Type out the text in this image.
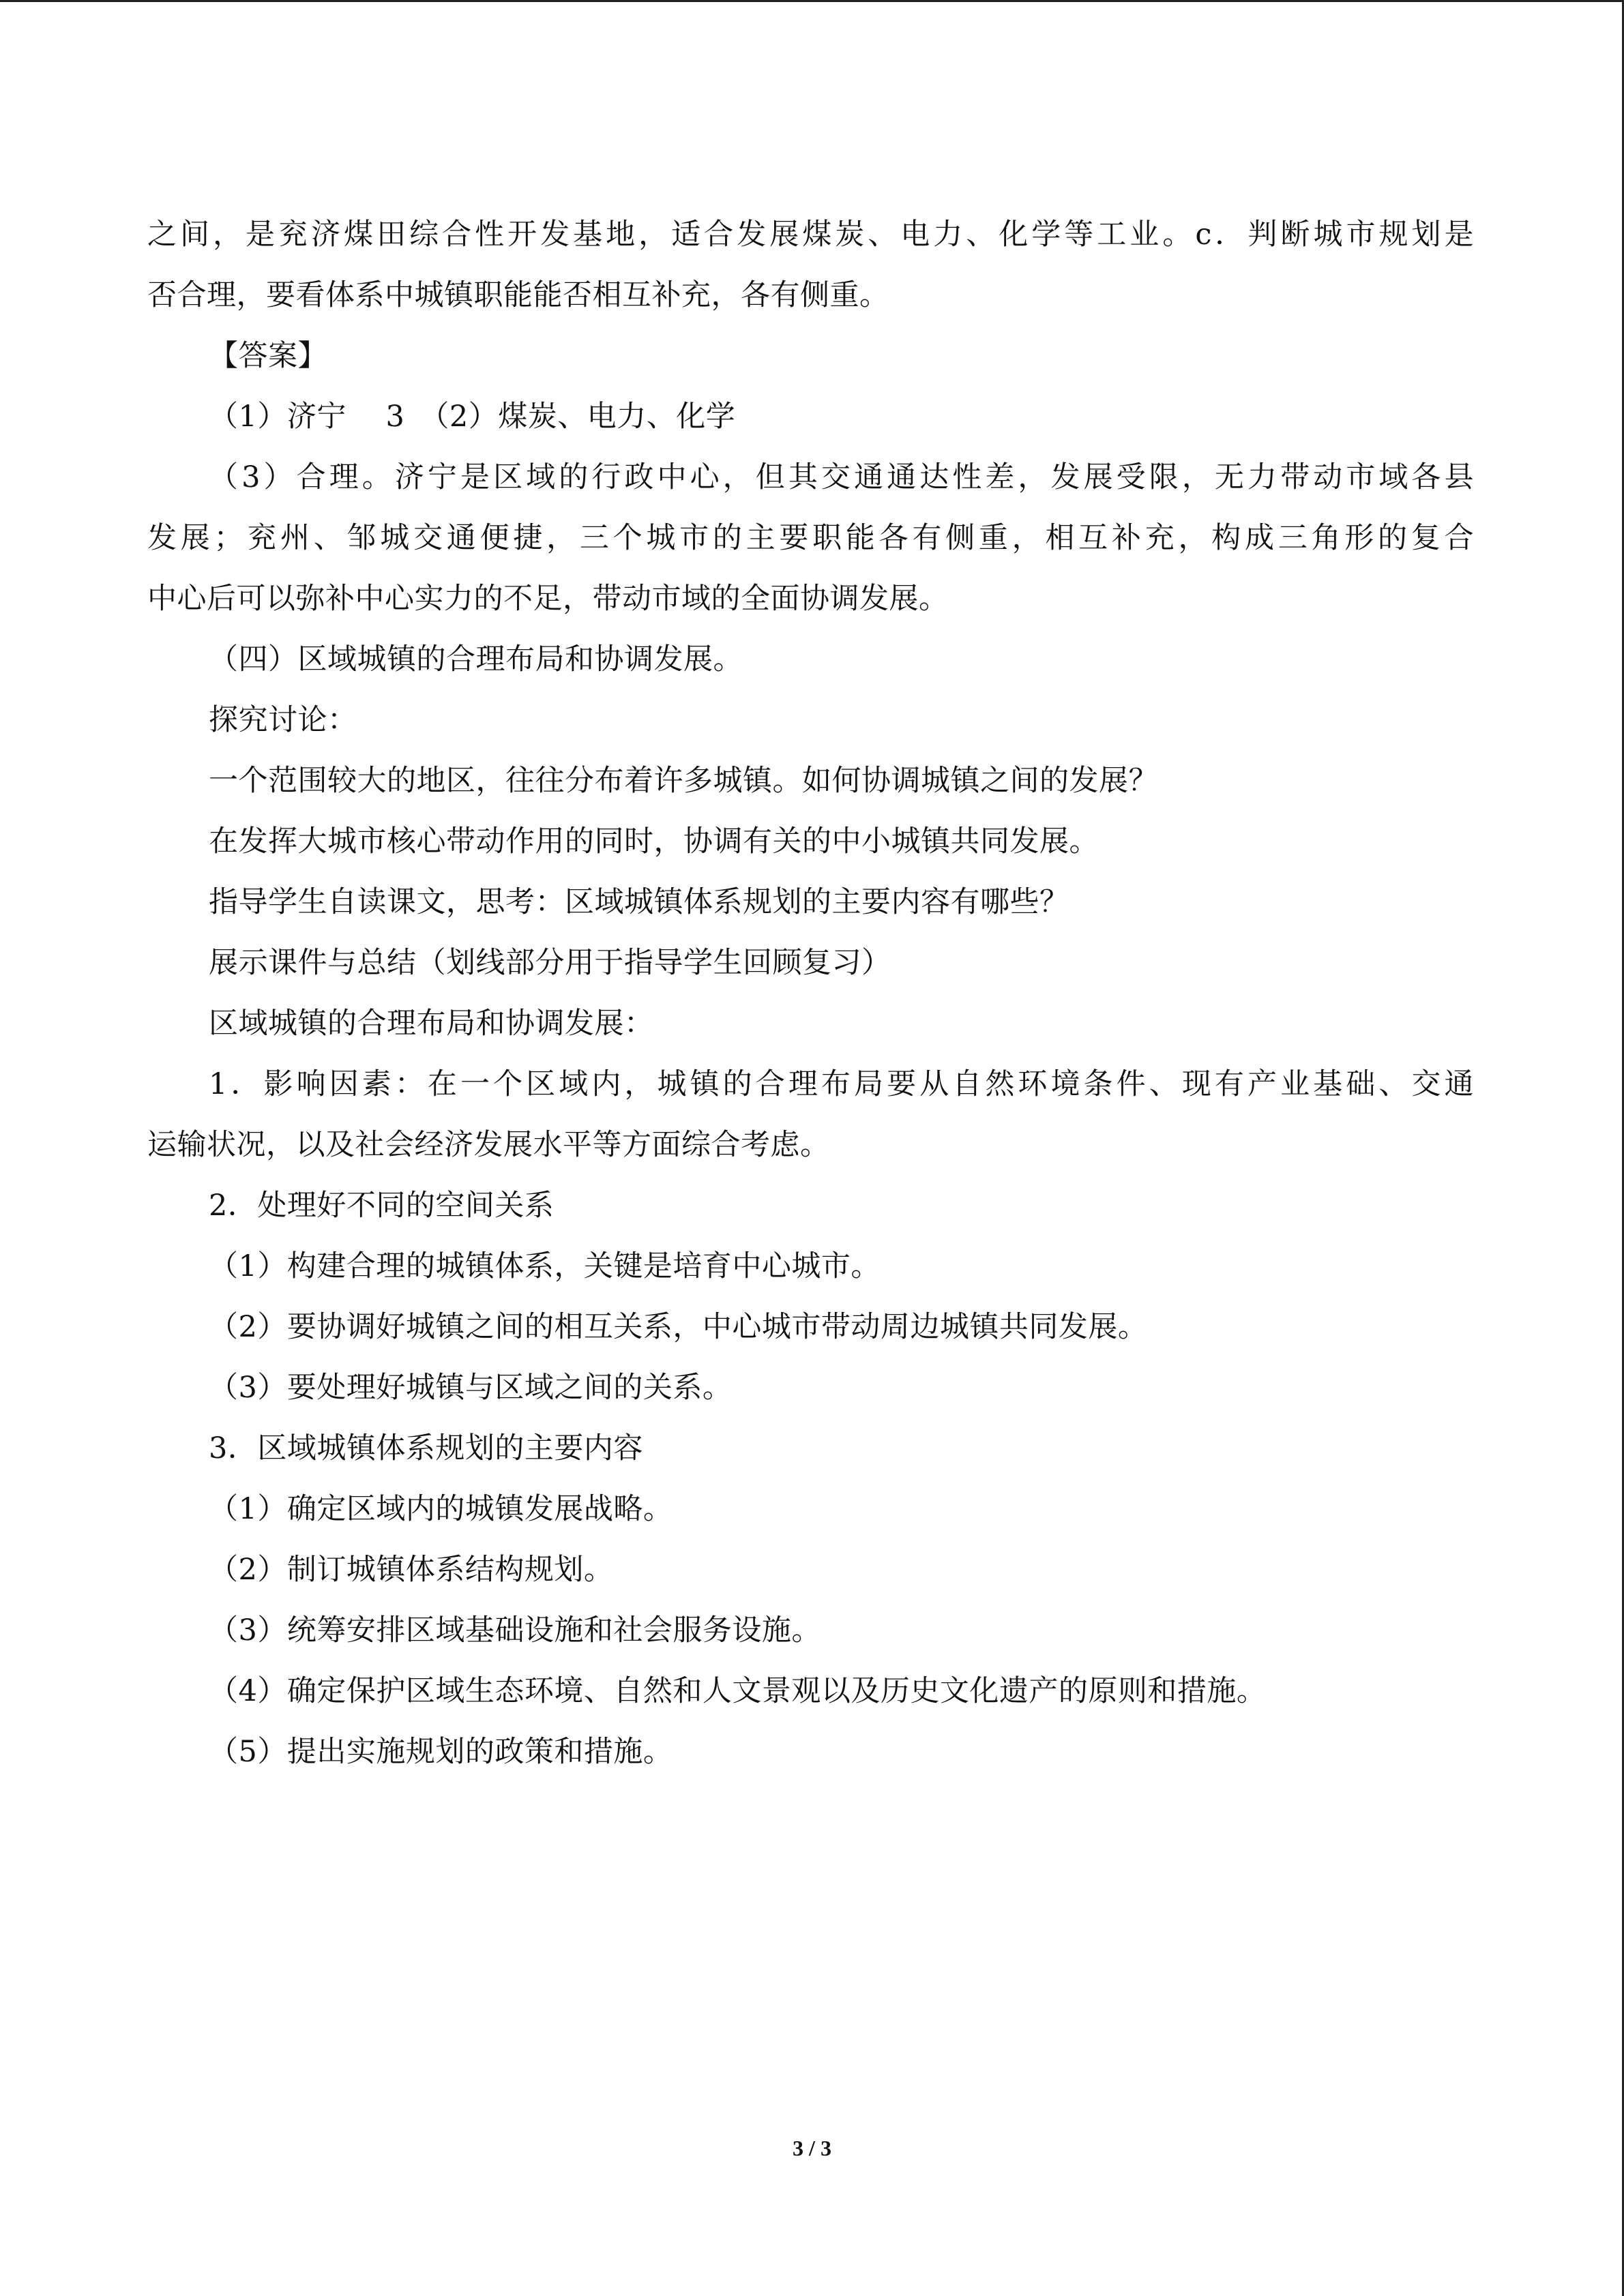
之间，是兖济煤田综合性开发基地，适合发展煤炭、电力、化学等工业。c．判断城市规划是
否合理，要看体系中城镇职能能否相互补充，各有侧重。
【答案】
（1）济宁　 3　（2）煤炭、电力、化学
（3）合理。济宁是区域的行政中心，但其交通通达性差，发展受限，无力带动市域各县
发展；兖州、邹城交通便捷，三个城市的主要职能各有侧重，相互补充，构成三角形的复合
中心后可以弥补中心实力的不足，带动市域的全面协调发展。
（四）区域城镇的合理布局和协调发展。
探究讨论：
一个范围较大的地区，往往分布着许多城镇。如何协调城镇之间的发展？
在发挥大城市核心带动作用的同时，协调有关的中小城镇共同发展。
指导学生自读课文，思考：区域城镇体系规划的主要内容有哪些？
展示课件与总结（划线部分用于指导学生回顾复习）
区域城镇的合理布局和协调发展：
1．影响因素：在一个区域内，城镇的合理布局要从自然环境条件、现有产业基础、交通
运输状况，以及社会经济发展水平等方面综合考虑。
2．处理好不同的空间关系
（1）构建合理的城镇体系，关键是培育中心城市。
（2）要协调好城镇之间的相互关系，中心城市带动周边城镇共同发展。
（3）要处理好城镇与区域之间的关系。
3．区域城镇体系规划的主要内容
（1）确定区域内的城镇发展战略。
（2）制订城镇体系结构规划。
（3）统筹安排区域基础设施和社会服务设施。
（4）确定保护区域生态环境、自然和人文景观以及历史文化遗产的原则和措施。
（5）提出实施规划的政策和措施。
3 / 3
